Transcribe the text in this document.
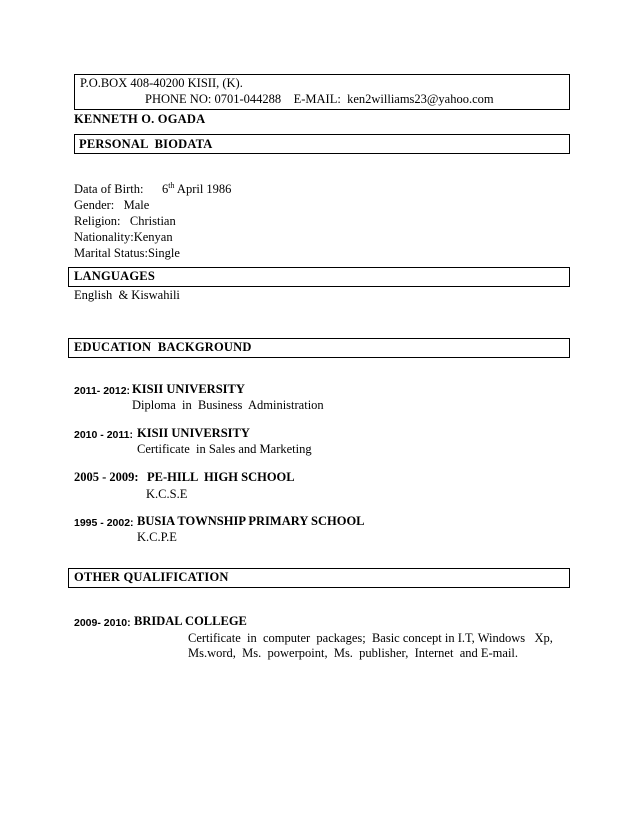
P.O.BOX 408-40200 KISII, (K).
PHONE NO: 0701-044288    E-MAIL:  ken2williams23@yahoo.com
KENNETH O. OGADA
PERSONAL  BIODATA
Data of Birth: 6th April 1986
Gender:   Male
Religion:   Christian
Nationality:Kenyan
Marital Status:Single
LANGUAGES
English  & Kiswahili
EDUCATION  BACKGROUND
2011- 2012: KISII UNIVERSITY
Diploma  in  Business  Administration
2010 - 2011: KISII UNIVERSITY
Certificate  in Sales and Marketing
2005 - 2009: PE-HILL  HIGH SCHOOL
K.C.S.E
1995 - 2002: BUSIA TOWNSHIP PRIMARY SCHOOL
K.C.P.E
OTHER QUALIFICATION
2009- 2010: BRIDAL COLLEGE
Certificate  in  computer  packages;  Basic concept in I.T, Windows   Xp,
Ms.word,  Ms.  powerpoint,  Ms.  publisher,  Internet  and E-mail.
